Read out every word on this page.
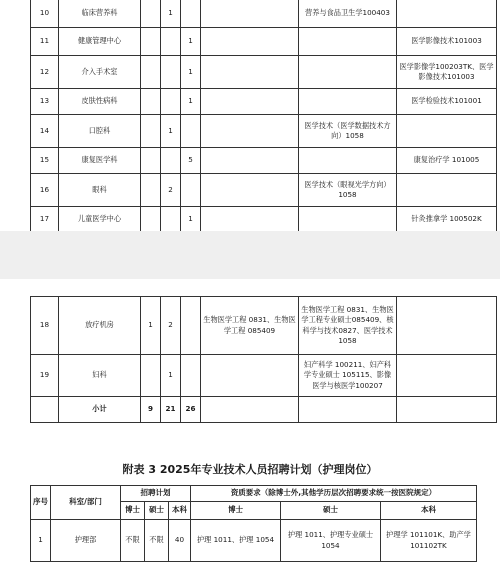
10	临床营养科		1			营养与食品卫生学100403	
11	健康管理中心			1			医学影像技术101003
12	介入手术室			1			医学影像学100203TK、医学影像技术101003
13	皮肤性病科			1			医学检验技术101001
14	口腔科		1			医学技术（医学数据技术方向）1058	
15	康复医学科			5			康复治疗学 101005
16	眼科		2			医学技术（眼视光学方向）1058	
17	儿童医学中心			1			针灸推拿学 100502K
18	放疗机房	1	2		生物医学工程 0831、生物医学工程 085409	生物医学工程 0831、生物医学工程专业硕士085409、核科学与技术0827、医学技术 1058	
19	妇科		1			妇产科学 100211、妇产科学专业硕士 105115、影像医学与核医学100207	
	小计	9	21	26			
附表 3 2025年专业技术人员招聘计划（护理岗位）
序号	科室/部门	招聘计划			资质要求（除博士外,其他学历层次招聘要求统一按医院规定）		
		博士	硕士	本科	博士	硕士	本科
1	护理部	不限	不限	40	护理 1011、护理 1054	护理 1011、护理专业硕士 1054	护理学 101101K、助产学 101102TK
